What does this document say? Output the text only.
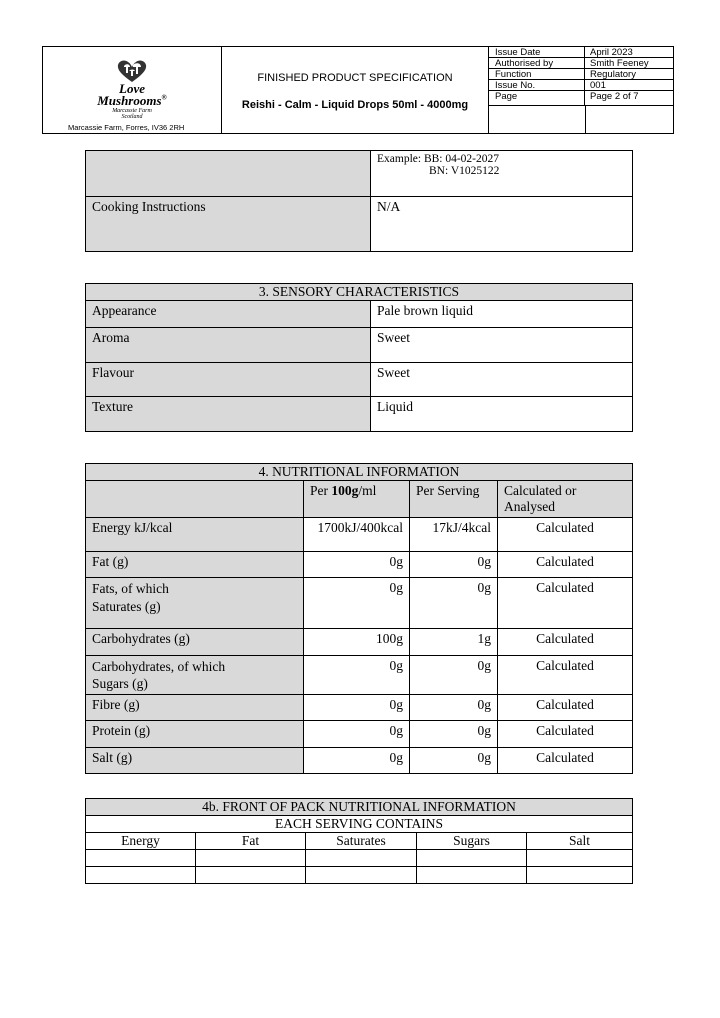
Love
Mushrooms®
Marcassie Farm
Scotland
Marcassie Farm, Forres, IV36 2RH
FINISHED PRODUCT SPECIFICATION
Reishi - Calm - Liquid Drops 50ml - 4000mg
Issue Date	April 2023
Authorised by	Smith Feeney
Function	Regulatory
Issue No.	001
Page	Page 2 of 7

	Example: BB: 04-02-2027
BN: V1025122

Cooking Instructions	N/A
3. SENSORY CHARACTERISTICS	
Appearance	Pale brown liquid
Aroma	Sweet
Flavour	Sweet
Texture	Liquid
4. NUTRITIONAL INFORMATION			
	Per 100g/ml	Per Serving	Calculated or Analysed

Energy kJ/kcal	1700kJ/400kcal	17kJ/4kcal	Calculated

Fat (g)	0g	0g	Calculated

Fats, of which
Saturates (g)	0g	0g	Calculated

Carbohydrates (g)	100g	1g	Calculated

Carbohydrates, of which
Sugars (g)	0g	0g	Calculated

Fibre (g)	0g	0g	Calculated

Protein (g)	0g	0g	Calculated

Salt (g)	0g	0g	Calculated
4b. FRONT OF PACK NUTRITIONAL INFORMATION				
EACH SERVING CONTAINS				
Energy	Fat	Saturates	Sugars	Salt
